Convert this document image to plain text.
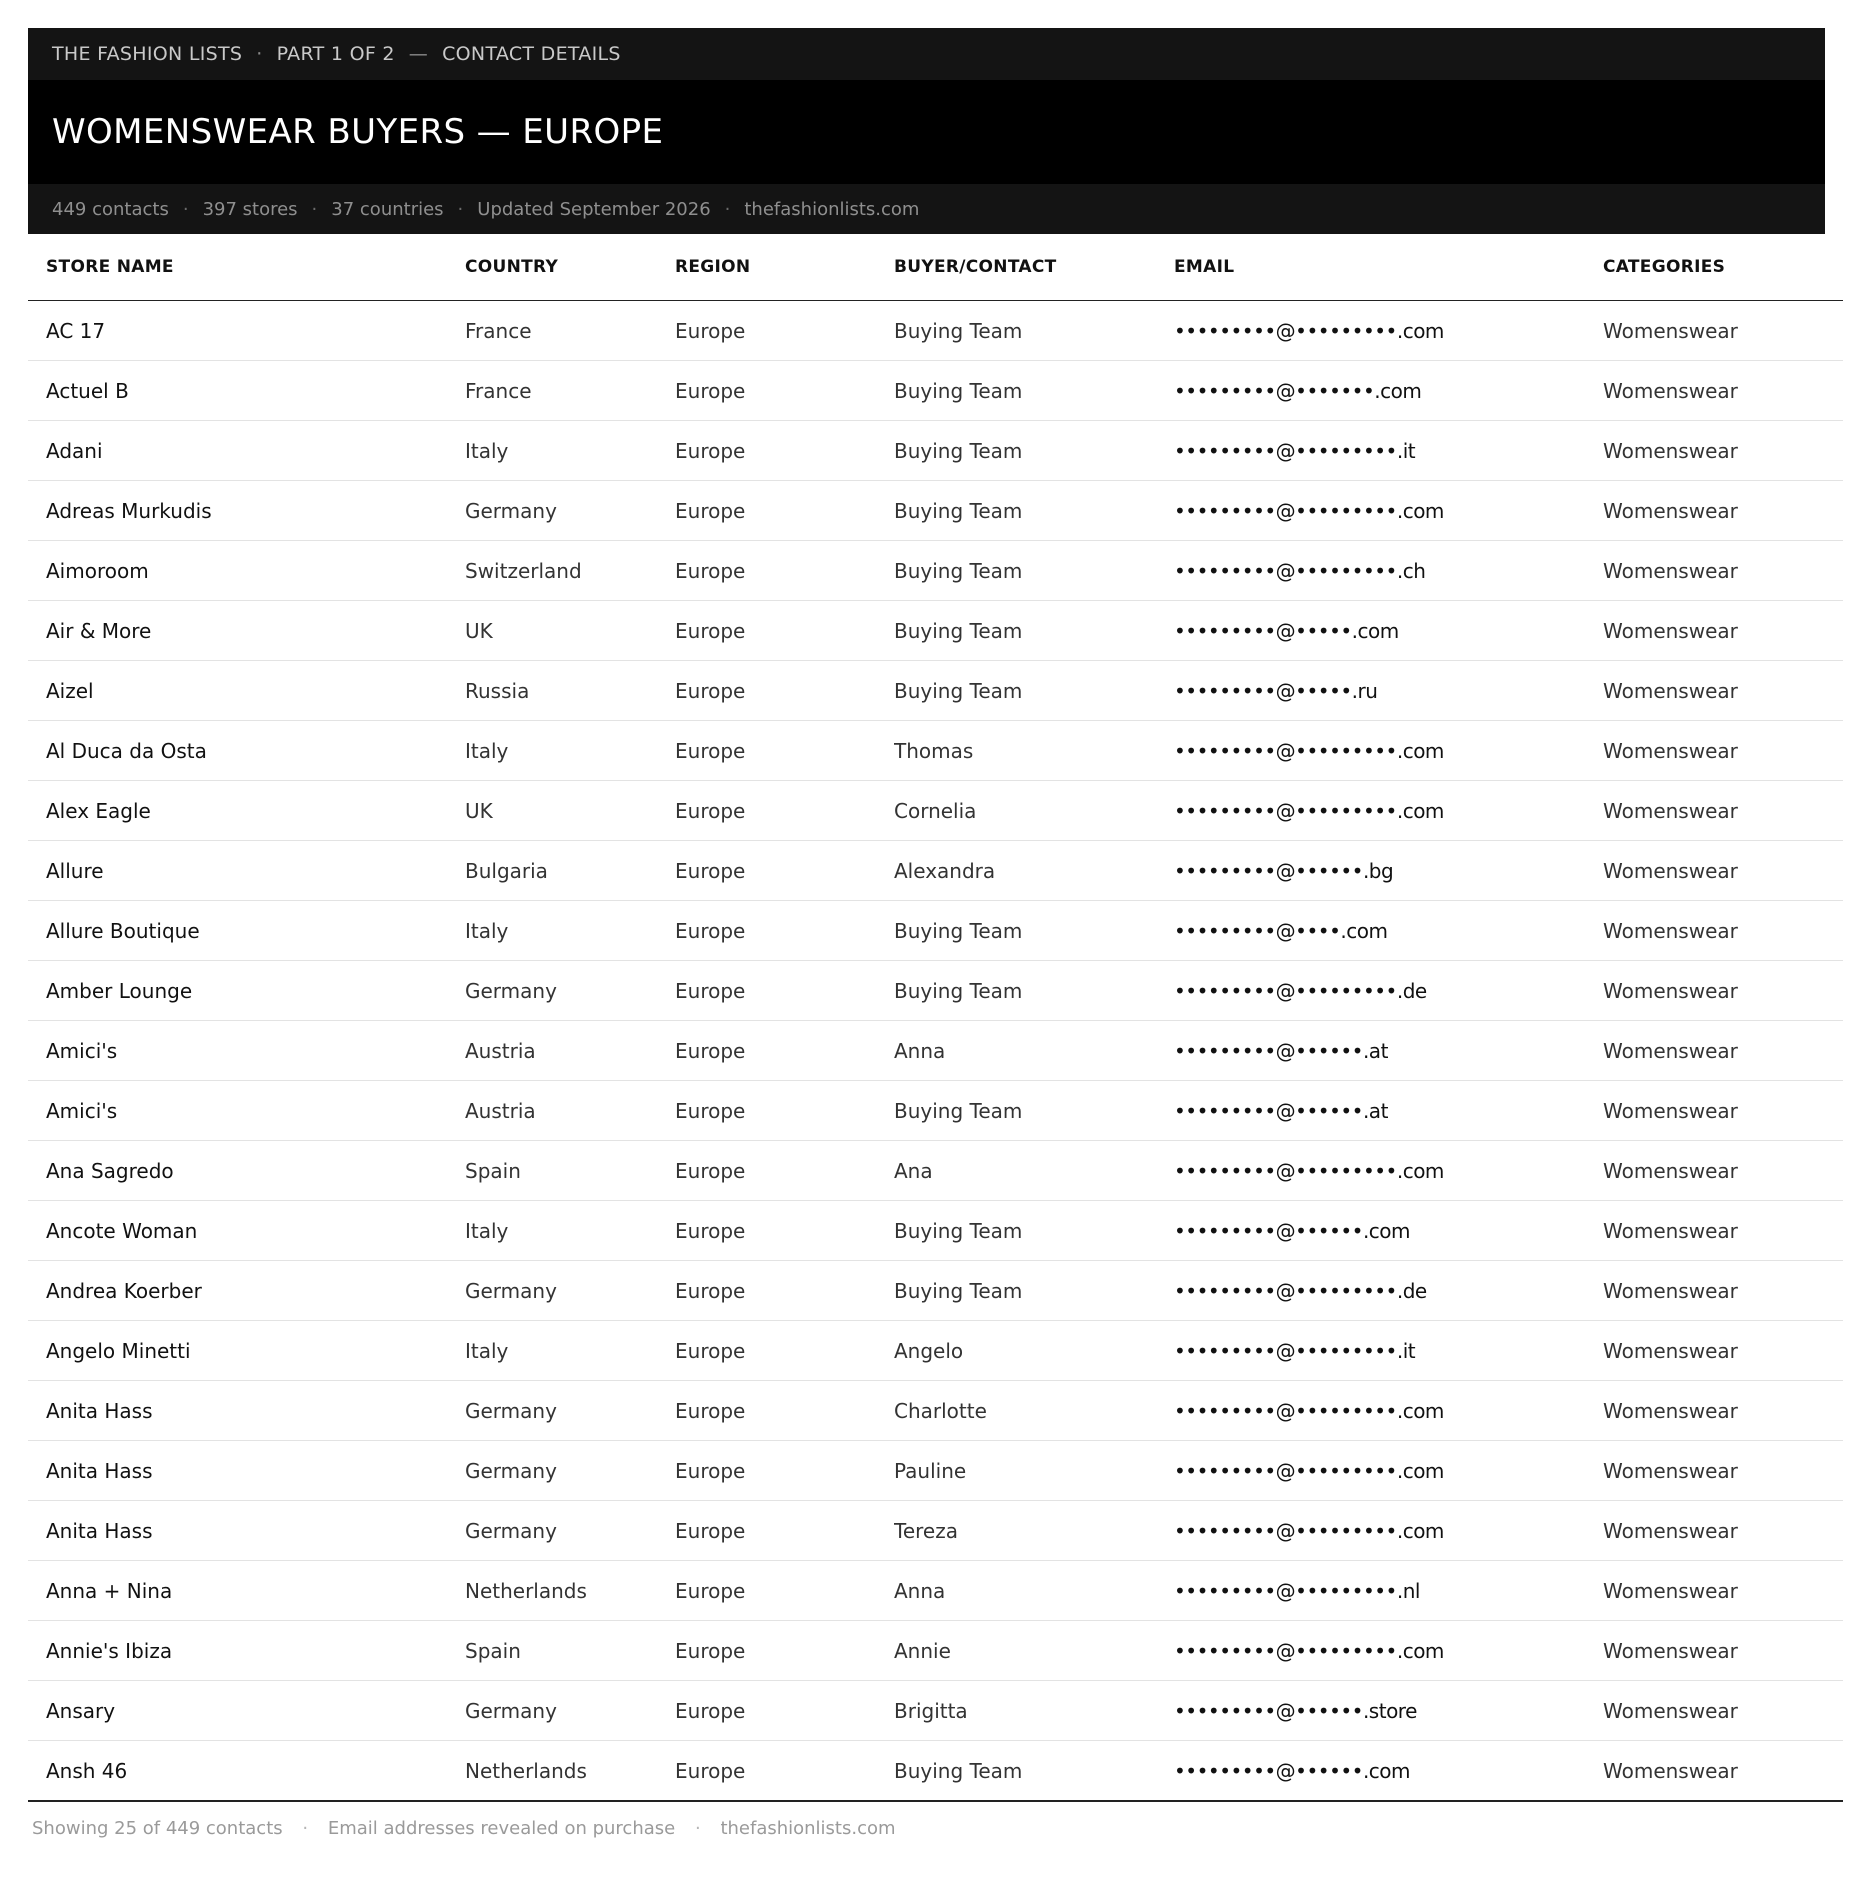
THE FASHION LISTS · PART 1 OF 2 — CONTACT DETAILS
WOMENSWEAR BUYERS — EUROPE
449 contacts · 397 stores · 37 countries · Updated September 2026 · thefashionlists.com
STORE NAME	COUNTRY	REGION	BUYER/CONTACT	EMAIL	CATEGORIES
AC 17	France	Europe	Buying Team	•••••••••@•••••••••.com	Womenswear
Actuel B	France	Europe	Buying Team	•••••••••@•••••••.com	Womenswear
Adani	Italy	Europe	Buying Team	•••••••••@•••••••••.it	Womenswear
Adreas Murkudis	Germany	Europe	Buying Team	•••••••••@•••••••••.com	Womenswear
Aimoroom	Switzerland	Europe	Buying Team	•••••••••@•••••••••.ch	Womenswear
Air & More	UK	Europe	Buying Team	•••••••••@•••••.com	Womenswear
Aizel	Russia	Europe	Buying Team	•••••••••@•••••.ru	Womenswear
Al Duca da Osta	Italy	Europe	Thomas	•••••••••@•••••••••.com	Womenswear
Alex Eagle	UK	Europe	Cornelia	•••••••••@•••••••••.com	Womenswear
Allure	Bulgaria	Europe	Alexandra	•••••••••@••••••.bg	Womenswear
Allure Boutique	Italy	Europe	Buying Team	•••••••••@••••.com	Womenswear
Amber Lounge	Germany	Europe	Buying Team	•••••••••@•••••••••.de	Womenswear
Amici's	Austria	Europe	Anna	•••••••••@••••••.at	Womenswear
Amici's	Austria	Europe	Buying Team	•••••••••@••••••.at	Womenswear
Ana Sagredo	Spain	Europe	Ana	•••••••••@•••••••••.com	Womenswear
Ancote Woman	Italy	Europe	Buying Team	•••••••••@••••••.com	Womenswear
Andrea Koerber	Germany	Europe	Buying Team	•••••••••@•••••••••.de	Womenswear
Angelo Minetti	Italy	Europe	Angelo	•••••••••@•••••••••.it	Womenswear
Anita Hass	Germany	Europe	Charlotte	•••••••••@•••••••••.com	Womenswear
Anita Hass	Germany	Europe	Pauline	•••••••••@•••••••••.com	Womenswear
Anita Hass	Germany	Europe	Tereza	•••••••••@•••••••••.com	Womenswear
Anna + Nina	Netherlands	Europe	Anna	•••••••••@•••••••••.nl	Womenswear
Annie's Ibiza	Spain	Europe	Annie	•••••••••@•••••••••.com	Womenswear
Ansary	Germany	Europe	Brigitta	•••••••••@••••••.store	Womenswear
Ansh 46	Netherlands	Europe	Buying Team	•••••••••@••••••.com	Womenswear
Showing 25 of 449 contacts · Email addresses revealed on purchase · thefashionlists.com
